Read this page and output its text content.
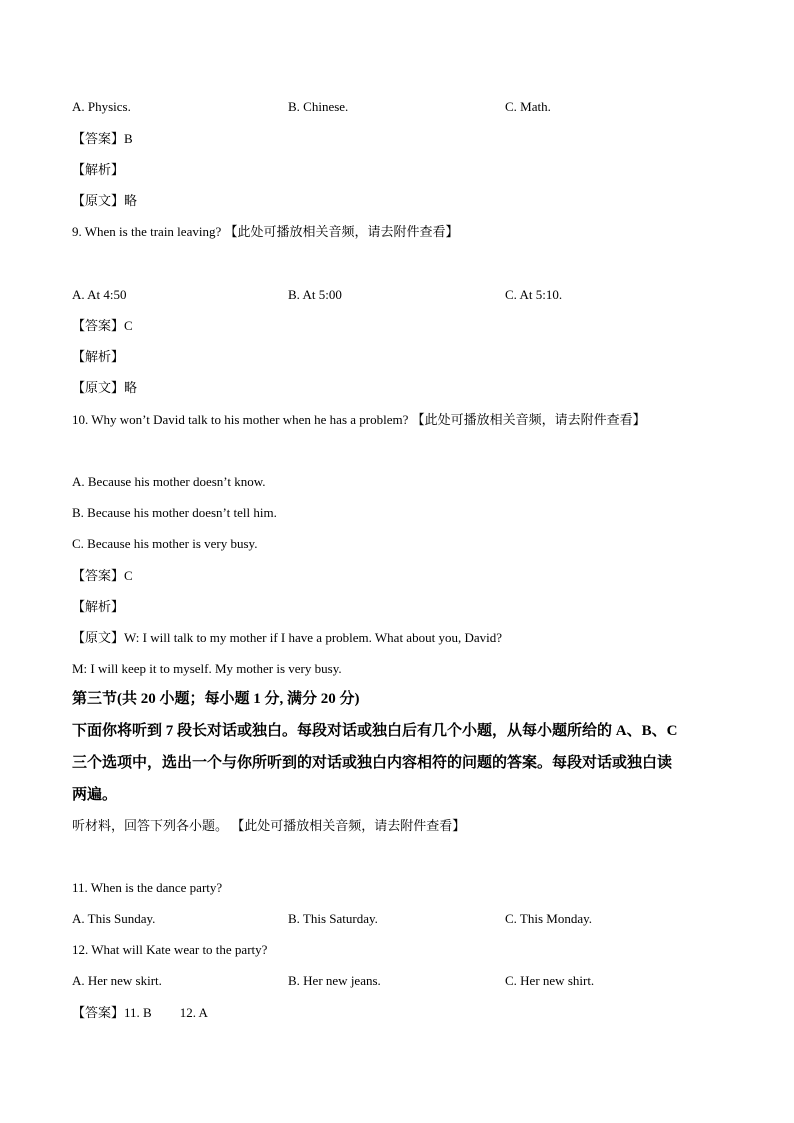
A. Physics.	B. Chinese.	C. Math.
【答案】B
【解析】
【原文】略
9. When is the train leaving? 【此处可播放相关音频，请去附件查看】
A. At 4:50	B. At 5:00	C. At 5:10.
【答案】C
【解析】
【原文】略
10. Why won’t David talk to his mother when he has a problem? 【此处可播放相关音频，请去附件查看】
A. Because his mother doesn’t know.
B. Because his mother doesn’t tell him.
C. Because his mother is very busy.
【答案】C
【解析】
【原文】W: I will talk to my mother if I have a problem. What about you, David?
M: I will keep it to myself. My mother is very busy.
第三节(共 20 小题；每小题 1 分, 满分 20 分)
下面你将听到 7 段长对话或独白。每段对话或独白后有几个小题，从每小题所给的 A、B、C
三个选项中，选出一个与你所听到的对话或独白内容相符的问题的答案。每段对话或独白读
两遍。
听材料，回答下列各小题。 【此处可播放相关音频，请去附件查看】
11. When is the dance party?
A. This Sunday.	B. This Saturday.	C. This Monday.
12. What will Kate wear to the party?
A. Her new skirt.	B. Her new jeans.	C. Her new shirt.
【答案】11. B 12. A
